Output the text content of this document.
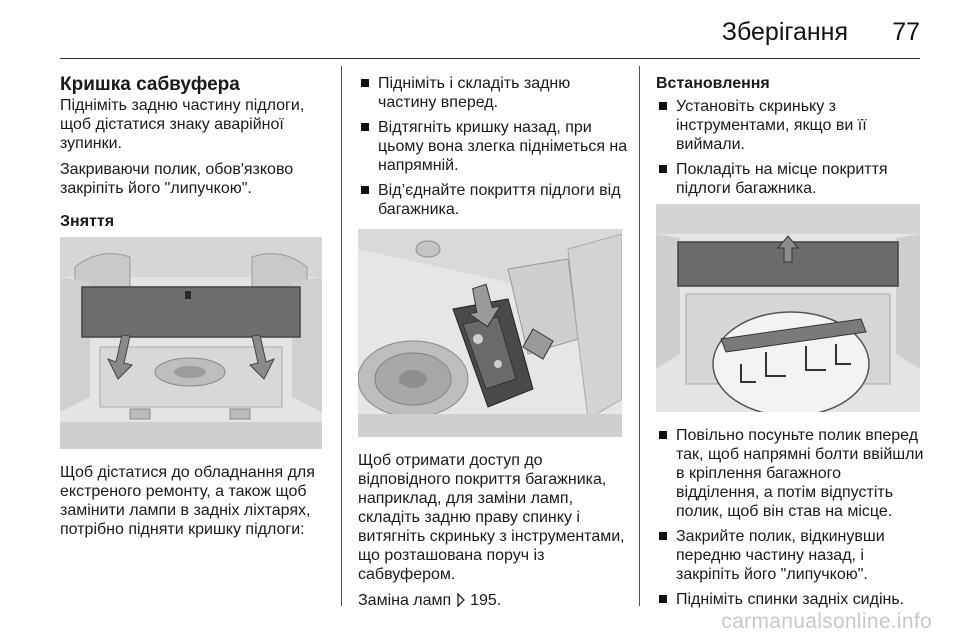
Зберігання 77
Кришка сабвуфера

Підніміть задню частину підлоги, щоб дістатися знаку аварійної зупинки.

Закриваючи полик, обов'язково закріпіть його "липучкою".

Зняття

Щоб дістатися до обладнання для екстреного ремонту, а також щоб замінити лампи в задніх ліхтарях, потрібно підняти кришку підлоги:

Підніміть і складіть задню частину вперед.
Відтягніть кришку назад, при цьому вона злегка підніметься на напрямній.
Від’єднайте покриття підлоги від багажника.

Щоб отримати доступ до відповідного покриття багажника, наприклад, для заміни ламп, складіть задню праву спинку і витягніть скриньку з інструментами, що розташована поруч із сабвуфером.

Заміна ламп 195.

Встановлення

Установіть скриньку з інструментами, якщо ви її виймали.
Покладіть на місце покриття підлоги багажника.
Повільно посуньте полик вперед так, щоб напрямні болти ввійшли в кріплення багажного відділення, а потім відпустіть полик, щоб він став на місце.
Закрийте полик, відкинувши передню частину назад, і закріпіть його "липучкою".
Підніміть спинки задніх сидінь.
carmanualsonline.info
